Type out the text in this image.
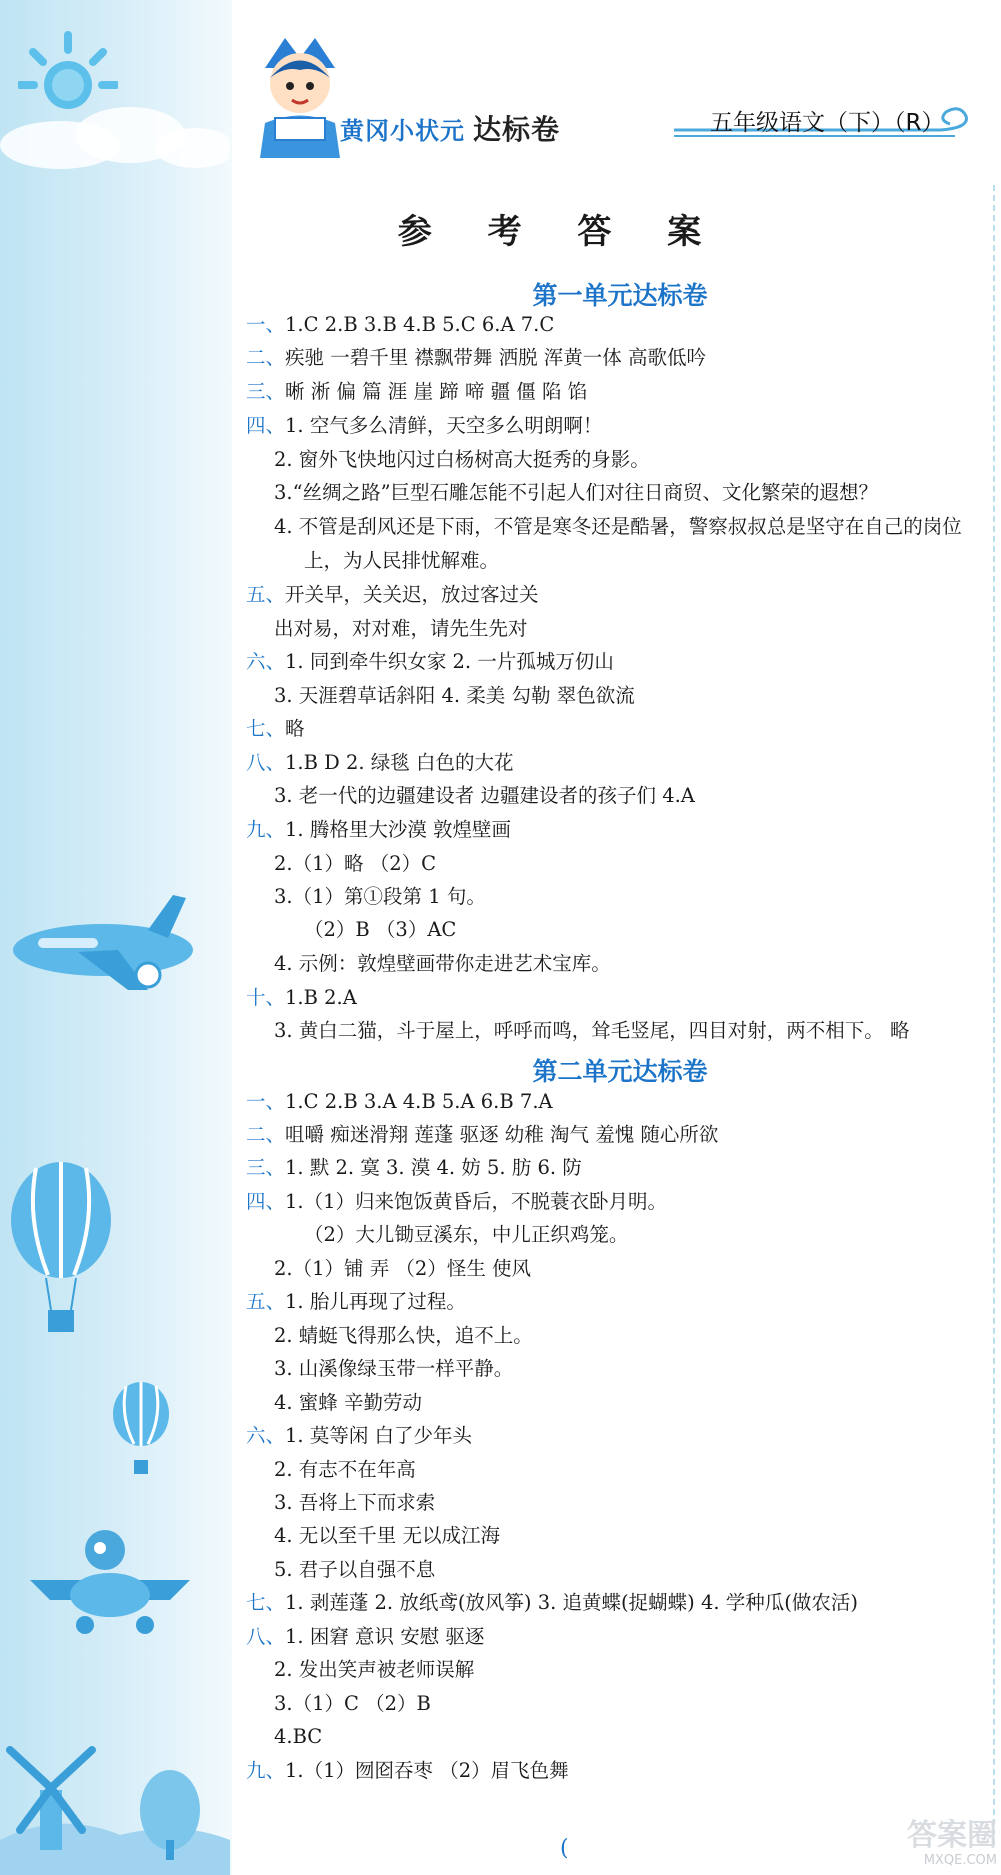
黄冈小状元 达标卷	五年级语文（下）（R）
参 考 答 案
第一单元达标卷
一、1.C 2.B 3.B 4.B 5.C 6.A 7.C
二、疾驰 一碧千里 襟飘带舞 洒脱 浑黄一体 高歌低吟
三、晰 淅 偏 篇 涯 崖 蹄 啼 疆 僵 陷 馅
四、1. 空气多么清鲜，天空多么明朗啊！
2. 窗外飞快地闪过白杨树高大挺秀的身影。
3.“丝绸之路”巨型石雕怎能不引起人们对往日商贸、文化繁荣的遐想？
4. 不管是刮风还是下雨，不管是寒冬还是酷暑，警察叔叔总是坚守在自己的岗位
上，为人民排忧解难。
五、开关早，关关迟，放过客过关
出对易，对对难，请先生先对
六、1. 同到牵牛织女家 2. 一片孤城万仞山
3. 天涯碧草话斜阳 4. 柔美 勾勒 翠色欲流
七、略
八、1.B D 2. 绿毯 白色的大花
3. 老一代的边疆建设者 边疆建设者的孩子们 4.A
九、1. 腾格里大沙漠 敦煌壁画
2.（1）略 （2）C
3.（1）第①段第 1 句。
（2）B （3）AC
4. 示例：敦煌壁画带你走进艺术宝库。
十、1.B 2.A
3. 黄白二猫，斗于屋上，呼呼而鸣，耸毛竖尾，四目对射，两不相下。 略
第二单元达标卷
一、1.C 2.B 3.A 4.B 5.A 6.B 7.A
二、咀嚼 痴迷滑翔 莲蓬 驱逐 幼稚 淘气 羞愧 随心所欲
三、1. 默 2. 寞 3. 漠 4. 妨 5. 肪 6. 防
四、1.（1）归来饱饭黄昏后，不脱蓑衣卧月明。
（2）大儿锄豆溪东，中儿正织鸡笼。
2.（1）铺 弄 （2）怪生 使风
五、1. 胎儿再现了过程。
2. 蜻蜓飞得那么快，追不上。
3. 山溪像绿玉带一样平静。
4. 蜜蜂 辛勤劳动
六、1. 莫等闲 白了少年头
2. 有志不在年高
3. 吾将上下而求索
4. 无以至千里 无以成江海
5. 君子以自强不息
七、1. 剥莲蓬 2. 放纸鸢(放风筝) 3. 追黄蝶(捉蝴蝶) 4. 学种瓜(做农活)
八、1. 困窘 意识 安慰 驱逐
2. 发出笑声被老师误解
3.（1）C （2）B
4.BC
九、1.（1）囫囵吞枣 （2）眉飞色舞
(	答案圈
MXQE.COM
